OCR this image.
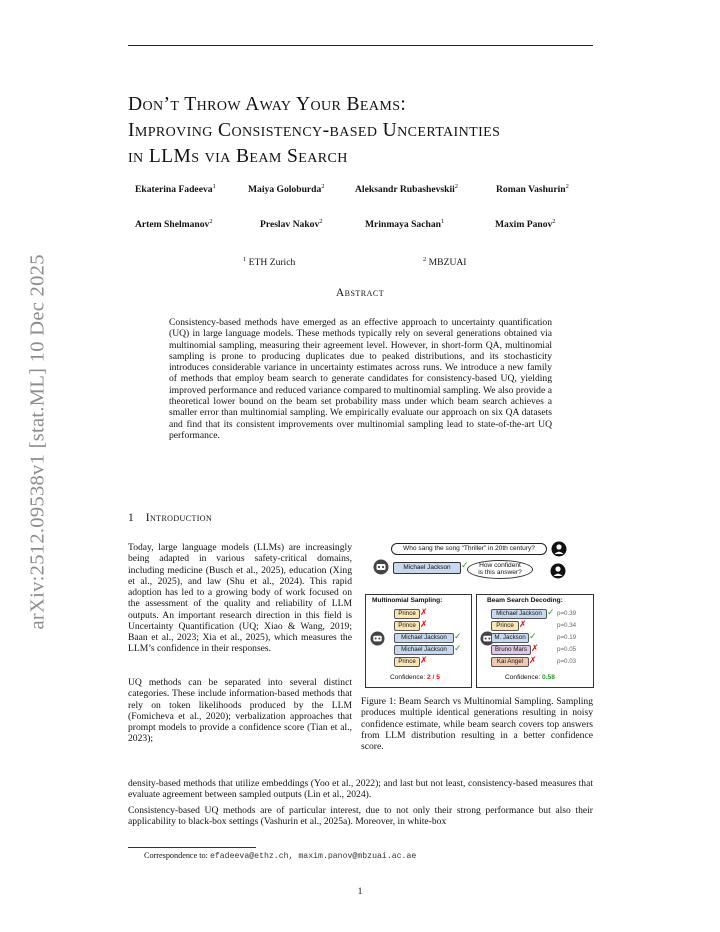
arXiv:2512.09538v1 [stat.ML] 10 Dec 2025
Don’t Throw Away Your Beams:
Improving Consistency-based Uncertainties
in LLMs via Beam Search
Ekaterina Fadeeva$^1$	Maiya Goloburda$^2$	Aleksandr Rubashevskii$^2$	Roman Vashurin$^2$
Artem Shelmanov$^2$	Preslav Nakov$^2$	Mrinmaya Sachan$^1$	Maxim Panov$^2$
$^1$ ETH Zurich	$^2$ MBZUAI
Abstract
Consistency-based methods have emerged as an effective approach to uncertainty quantification (UQ) in large language models. These methods typically rely on several generations obtained via multinomial sampling, measuring their agreement level. However, in short-form QA, multinomial sampling is prone to producing duplicates due to peaked distributions, and its stochasticity introduces considerable variance in uncertainty estimates across runs. We introduce a new family of methods that employ beam search to generate candidates for consistency-based UQ, yielding improved performance and reduced variance compared to multinomial sampling. We also provide a theoretical lower bound on the beam set probability mass under which beam search achieves a smaller error than multinomial sampling. We empirically evaluate our approach on six QA datasets and find that its consistent improvements over multinomial sampling lead to state-of-the-art UQ performance.
1 Introduction
Today, large language models (LLMs) are increasingly being adapted in various safety-critical domains, including medicine (Busch et al., 2025), education (Xing et al., 2025), and law (Shu et al., 2024). This rapid adoption has led to a growing body of work focused on the assessment of the quality and reliability of LLM outputs. An important research direction in this field is Uncertainty Quantification (UQ; Xiao & Wang, 2019; Baan et al., 2023; Xia et al., 2025), which measures the LLM’s confidence in their responses.
UQ methods can be separated into several distinct categories. These include information-based methods that rely on token likelihoods produced by the LLM (Fomicheva et al., 2020); verbalization approaches that prompt models to provide a confidence score (Tian et al., 2023);
density-based methods that utilize embeddings (Yoo et al., 2022); and last but not least, consistency-based measures that evaluate agreement between sampled outputs (Lin et al., 2024).
Consistency-based UQ methods are of particular interest, due to not only their strong performance but also their applicability to black-box settings (Vashurin et al., 2025a). Moreover, in white-box
Who sang the song “Thriller” in 20th century?
Michael Jackson	✓	How confident
is this answer?
Multinomial Sampling:
Prince ✗
Prince ✗
Michael Jackson ✓
Michael Jackson ✓
Prince ✗
Confidence: 2 / 5
Beam Search Decoding:
Michael Jackson ✓ p=0.39
Prince ✗	p=0.34
M. Jackson ✓	p=0.19
Bruno Mars ✗	p=0.05
Kai Angel ✗	p=0.03
Confidence: 0.58
Figure 1: Beam Search vs Multinomial Sampling. Sampling produces multiple identical generations resulting in noisy confidence estimate, while beam search covers top answers from LLM distribution resulting in a better confidence score.
Correspondence to: efadeeva@ethz.ch, maxim.panov@mbzuai.ac.ae
1
